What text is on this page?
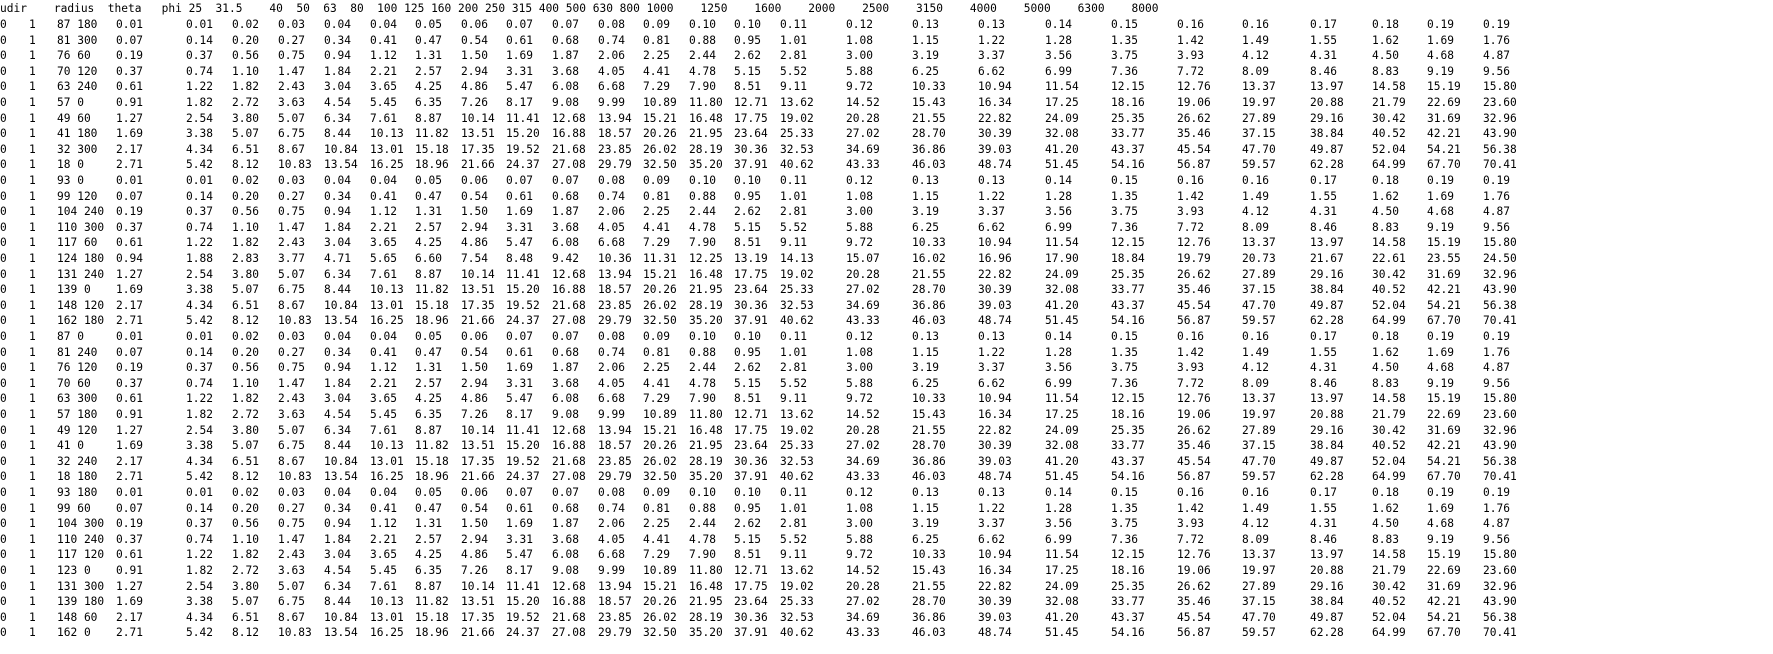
udir    radius  theta   phi 25  31.5    40  50  63  80  100 125 160 200 250 315 400 500 630 800 1000    1250    1600    2000    2500    3150    4000    5000    6300    8000
0 1 87 180 0.01	0.01 0.02 0.03 0.04 0.04 0.05 0.06 0.07 0.07 0.08 0.09 0.10 0.10 0.11	0.12	0.13	0.13	0.14	0.15	0.16	0.16	0.17	0.18	0.19	0.19
0 1 81 300 0.07	0.14 0.20 0.27 0.34 0.41 0.47 0.54 0.61 0.68 0.74 0.81 0.88 0.95 1.01	1.08	1.15	1.22	1.28	1.35	1.42	1.49	1.55	1.62	1.69	1.76
0 1 76 60 0.19	0.37 0.56 0.75 0.94 1.12 1.31 1.50 1.69 1.87 2.06 2.25 2.44 2.62 2.81	3.00	3.19	3.37	3.56	3.75	3.93	4.12	4.31	4.50	4.68	4.87
0 1 70 120 0.37	0.74 1.10 1.47 1.84 2.21 2.57 2.94 3.31 3.68 4.05 4.41 4.78 5.15 5.52	5.88	6.25	6.62	6.99	7.36	7.72	8.09	8.46	8.83	9.19	9.56
0 1 63 240 0.61	1.22 1.82 2.43 3.04 3.65 4.25 4.86 5.47 6.08 6.68 7.29 7.90 8.51 9.11	9.72	10.33	10.94	11.54	12.15	12.76	13.37	13.97	14.58 15.19 15.80
0 1 57 0	0.91	1.82 2.72 3.63 4.54 5.45 6.35 7.26 8.17 9.08 9.99 10.89 11.80 12.71 13.62	14.52	15.43	16.34	17.25	18.16	19.06	19.97	20.88	21.79 22.69 23.60
0 1 49 60 1.27	2.54 3.80 5.07 6.34 7.61 8.87 10.14 11.41 12.68 13.94 15.21 16.48 17.75 19.02	20.28	21.55	22.82	24.09	25.35	26.62	27.89	29.16	30.42 31.69 32.96
0 1 41 180 1.69	3.38 5.07 6.75 8.44 10.13 11.82 13.51 15.20 16.88 18.57 20.26 21.95 23.64 25.33	27.02	28.70	30.39	32.08	33.77	35.46	37.15	38.84	40.52 42.21 43.90
0 1 32 300 2.17	4.34 6.51 8.67 10.84 13.01 15.18 17.35 19.52 21.68 23.85 26.02 28.19 30.36 32.53	34.69	36.86	39.03	41.20	43.37	45.54	47.70	49.87	52.04 54.21 56.38
0 1 18 0	2.71	5.42 8.12 10.83 13.54 16.25 18.96 21.66 24.37 27.08 29.79 32.50 35.20 37.91 40.62	43.33	46.03	48.74	51.45	54.16	56.87	59.57	62.28	64.99 67.70 70.41
0 1 93 0	0.01	0.01 0.02 0.03 0.04 0.04 0.05 0.06 0.07 0.07 0.08 0.09 0.10 0.10 0.11	0.12	0.13	0.13	0.14	0.15	0.16	0.16	0.17	0.18	0.19	0.19
0 1 99 120 0.07	0.14 0.20 0.27 0.34 0.41 0.47 0.54 0.61 0.68 0.74 0.81 0.88 0.95 1.01	1.08	1.15	1.22	1.28	1.35	1.42	1.49	1.55	1.62	1.69	1.76
0 1 104 240 0.19	0.37 0.56 0.75 0.94 1.12 1.31 1.50 1.69 1.87 2.06 2.25 2.44 2.62 2.81	3.00	3.19	3.37	3.56	3.75	3.93	4.12	4.31	4.50	4.68	4.87
0 1 110 300 0.37	0.74 1.10 1.47 1.84 2.21 2.57 2.94 3.31 3.68 4.05 4.41 4.78 5.15 5.52	5.88	6.25	6.62	6.99	7.36	7.72	8.09	8.46	8.83	9.19	9.56
0 1 117 60 0.61	1.22 1.82 2.43 3.04 3.65 4.25 4.86 5.47 6.08 6.68 7.29 7.90 8.51 9.11	9.72	10.33	10.94	11.54	12.15	12.76	13.37	13.97	14.58 15.19 15.80
0 1 124 180 0.94	1.88 2.83 3.77 4.71 5.65 6.60 7.54 8.48 9.42 10.36 11.31 12.25 13.19 14.13	15.07	16.02	16.96	17.90	18.84	19.79	20.73	21.67	22.61 23.55 24.50
0 1 131 240 1.27	2.54 3.80 5.07 6.34 7.61 8.87 10.14 11.41 12.68 13.94 15.21 16.48 17.75 19.02	20.28	21.55	22.82	24.09	25.35	26.62	27.89	29.16	30.42 31.69 32.96
0 1 139 0 1.69	3.38 5.07 6.75 8.44 10.13 11.82 13.51 15.20 16.88 18.57 20.26 21.95 23.64 25.33	27.02	28.70	30.39	32.08	33.77	35.46	37.15	38.84	40.52 42.21 43.90
0 1 148 120 2.17	4.34 6.51 8.67 10.84 13.01 15.18 17.35 19.52 21.68 23.85 26.02 28.19 30.36 32.53	34.69	36.86	39.03	41.20	43.37	45.54	47.70	49.87	52.04 54.21 56.38
0 1 162 180 2.71	5.42 8.12 10.83 13.54 16.25 18.96 21.66 24.37 27.08 29.79 32.50 35.20 37.91 40.62	43.33	46.03	48.74	51.45	54.16	56.87	59.57	62.28	64.99 67.70 70.41
0 1 87 0	0.01	0.01 0.02 0.03 0.04 0.04 0.05 0.06 0.07 0.07 0.08 0.09 0.10 0.10 0.11	0.12	0.13	0.13	0.14	0.15	0.16	0.16	0.17	0.18	0.19	0.19
0 1 81 240 0.07	0.14 0.20 0.27 0.34 0.41 0.47 0.54 0.61 0.68 0.74 0.81 0.88 0.95 1.01	1.08	1.15	1.22	1.28	1.35	1.42	1.49	1.55	1.62	1.69	1.76
0 1 76 120 0.19	0.37 0.56 0.75 0.94 1.12 1.31 1.50 1.69 1.87 2.06 2.25 2.44 2.62 2.81	3.00	3.19	3.37	3.56	3.75	3.93	4.12	4.31	4.50	4.68	4.87
0 1 70 60 0.37	0.74 1.10 1.47 1.84 2.21 2.57 2.94 3.31 3.68 4.05 4.41 4.78 5.15 5.52	5.88	6.25	6.62	6.99	7.36	7.72	8.09	8.46	8.83	9.19	9.56
0 1 63 300 0.61	1.22 1.82 2.43 3.04 3.65 4.25 4.86 5.47 6.08 6.68 7.29 7.90 8.51 9.11	9.72	10.33	10.94	11.54	12.15	12.76	13.37	13.97	14.58 15.19 15.80
0 1 57 180 0.91	1.82 2.72 3.63 4.54 5.45 6.35 7.26 8.17 9.08 9.99 10.89 11.80 12.71 13.62	14.52	15.43	16.34	17.25	18.16	19.06	19.97	20.88	21.79 22.69 23.60
0 1 49 120 1.27	2.54 3.80 5.07 6.34 7.61 8.87 10.14 11.41 12.68 13.94 15.21 16.48 17.75 19.02	20.28	21.55	22.82	24.09	25.35	26.62	27.89	29.16	30.42 31.69 32.96
0 1 41 0	1.69	3.38 5.07 6.75 8.44 10.13 11.82 13.51 15.20 16.88 18.57 20.26 21.95 23.64 25.33	27.02	28.70	30.39	32.08	33.77	35.46	37.15	38.84	40.52 42.21 43.90
0 1 32 240 2.17	4.34 6.51 8.67 10.84 13.01 15.18 17.35 19.52 21.68 23.85 26.02 28.19 30.36 32.53	34.69	36.86	39.03	41.20	43.37	45.54	47.70	49.87	52.04 54.21 56.38
0 1 18 180 2.71	5.42 8.12 10.83 13.54 16.25 18.96 21.66 24.37 27.08 29.79 32.50 35.20 37.91 40.62	43.33	46.03	48.74	51.45	54.16	56.87	59.57	62.28	64.99 67.70 70.41
0 1 93 180 0.01	0.01 0.02 0.03 0.04 0.04 0.05 0.06 0.07 0.07 0.08 0.09 0.10 0.10 0.11	0.12	0.13	0.13	0.14	0.15	0.16	0.16	0.17	0.18	0.19	0.19
0 1 99 60 0.07	0.14 0.20 0.27 0.34 0.41 0.47 0.54 0.61 0.68 0.74 0.81 0.88 0.95 1.01	1.08	1.15	1.22	1.28	1.35	1.42	1.49	1.55	1.62	1.69	1.76
0 1 104 300 0.19	0.37 0.56 0.75 0.94 1.12 1.31 1.50 1.69 1.87 2.06 2.25 2.44 2.62 2.81	3.00	3.19	3.37	3.56	3.75	3.93	4.12	4.31	4.50	4.68	4.87
0 1 110 240 0.37	0.74 1.10 1.47 1.84 2.21 2.57 2.94 3.31 3.68 4.05 4.41 4.78 5.15 5.52	5.88	6.25	6.62	6.99	7.36	7.72	8.09	8.46	8.83	9.19	9.56
0 1 117 120 0.61	1.22 1.82 2.43 3.04 3.65 4.25 4.86 5.47 6.08 6.68 7.29 7.90 8.51 9.11	9.72	10.33	10.94	11.54	12.15	12.76	13.37	13.97	14.58 15.19 15.80
0 1 123 0 0.91	1.82 2.72 3.63 4.54 5.45 6.35 7.26 8.17 9.08 9.99 10.89 11.80 12.71 13.62	14.52	15.43	16.34	17.25	18.16	19.06	19.97	20.88	21.79 22.69 23.60
0 1 131 300 1.27	2.54 3.80 5.07 6.34 7.61 8.87 10.14 11.41 12.68 13.94 15.21 16.48 17.75 19.02	20.28	21.55	22.82	24.09	25.35	26.62	27.89	29.16	30.42 31.69 32.96
0 1 139 180 1.69	3.38 5.07 6.75 8.44 10.13 11.82 13.51 15.20 16.88 18.57 20.26 21.95 23.64 25.33	27.02	28.70	30.39	32.08	33.77	35.46	37.15	38.84	40.52 42.21 43.90
0 1 148 60 2.17	4.34 6.51 8.67 10.84 13.01 15.18 17.35 19.52 21.68 23.85 26.02 28.19 30.36 32.53	34.69	36.86	39.03	41.20	43.37	45.54	47.70	49.87	52.04 54.21 56.38
0 1 162 0 2.71	5.42 8.12 10.83 13.54 16.25 18.96 21.66 24.37 27.08 29.79 32.50 35.20 37.91 40.62	43.33	46.03	48.74	51.45	54.16	56.87	59.57	62.28	64.99 67.70 70.41
